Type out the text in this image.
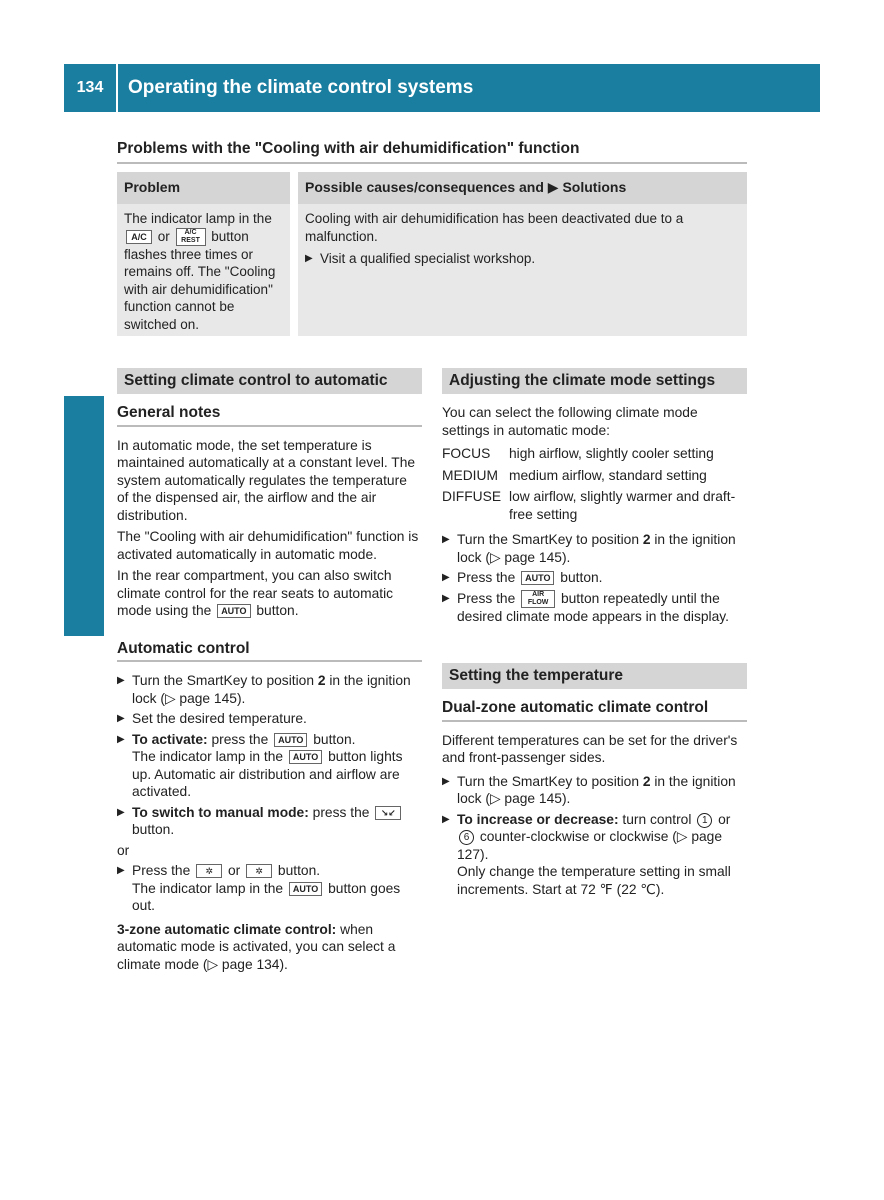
134	Operating the climate control systems
Climate control
Problems with the "Cooling with air dehumidification" function
Problem	Possible causes/consequences and ▶ Solutions
The indicator lamp in the A/C or A/C REST button flashes three times or remains off. The "Cooling with air dehumidification" function cannot be switched on.	Cooling with air dehumidification has been deactivated due to a malfunction.
▶ Visit a qualified specialist workshop.
Setting climate control to automatic
General notes

In automatic mode, the set temperature is maintained automatically at a constant level. The system automatically regulates the temperature of the dispensed air, the airflow and the air distribution.

The "Cooling with air dehumidification" function is activated automatically in automatic mode.

In the rear compartment, you can also switch climate control for the rear seats to automatic mode using the AUTO button.

Automatic control
▶ Turn the SmartKey to position 2 in the ignition lock (▷ page 145).
▶ Set the desired temperature.
▶ To activate: press the AUTO button.
The indicator lamp in the AUTO button lights up. Automatic air distribution and airflow are activated.
▶ To switch to manual mode: press the ↘↙
button.

or

▶ Press the ✲ or ✲ button.
The indicator lamp in the AUTO button goes out.

3-zone automatic climate control: when automatic mode is activated, you can select a climate mode (▷ page 134).

Adjusting the climate mode settings

You can select the following climate mode settings in automatic mode:

FOCUS	high airflow, slightly cooler setting
MEDIUM medium airflow, standard setting
DIFFUSE low airflow, slightly warmer and draft-free setting
▶ Turn the SmartKey to position 2 in the ignition lock (▷ page 145).
▶ Press the AUTO button.
▶ Press the AIR FLOW button repeatedly until the desired climate mode appears in the display.
Setting the temperature
Dual-zone automatic climate control

Different temperatures can be set for the driver's and front-passenger sides.

▶ Turn the SmartKey to position 2 in the ignition lock (▷ page 145).
▶ To increase or decrease: turn control 1 or
6 counter-clockwise or clockwise (▷ page 127).
Only change the temperature setting in small increments. Start at 72 ℉ (22 ℃).
